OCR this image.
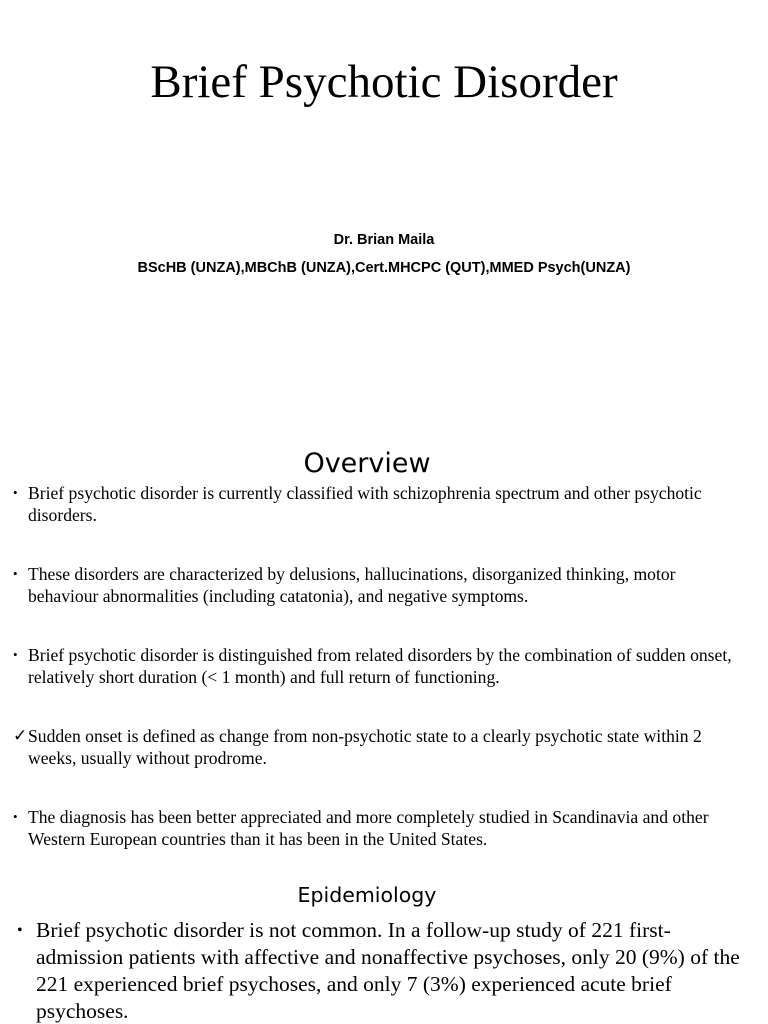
Brief Psychotic Disorder
Dr. Brian Maila
BScHB (UNZA),MBChB (UNZA),Cert.MHCPC (QUT),MMED Psych(UNZA)
Overview
• Brief psychotic disorder is currently classified with schizophrenia spectrum and other psychotic disorders.
• These disorders are characterized by delusions, hallucinations, disorganized thinking, motor behaviour abnormalities (including catatonia), and negative symptoms.
• Brief psychotic disorder is distinguished from related disorders by the combination of sudden onset, relatively short duration (< 1 month) and full return of functioning.
✓ Sudden onset is defined as change from non-psychotic state to a clearly psychotic state within 2 weeks, usually without prodrome.
• The diagnosis has been better appreciated and more completely studied in Scandinavia and other Western European countries than it has been in the United States.
Epidemiology
• Brief psychotic disorder is not common. In a follow-up study of 221 first-admission patients with affective and nonaffective psychoses, only 20 (9%) of the 221 experienced brief psychoses, and only 7 (3%) experienced acute brief psychoses.
